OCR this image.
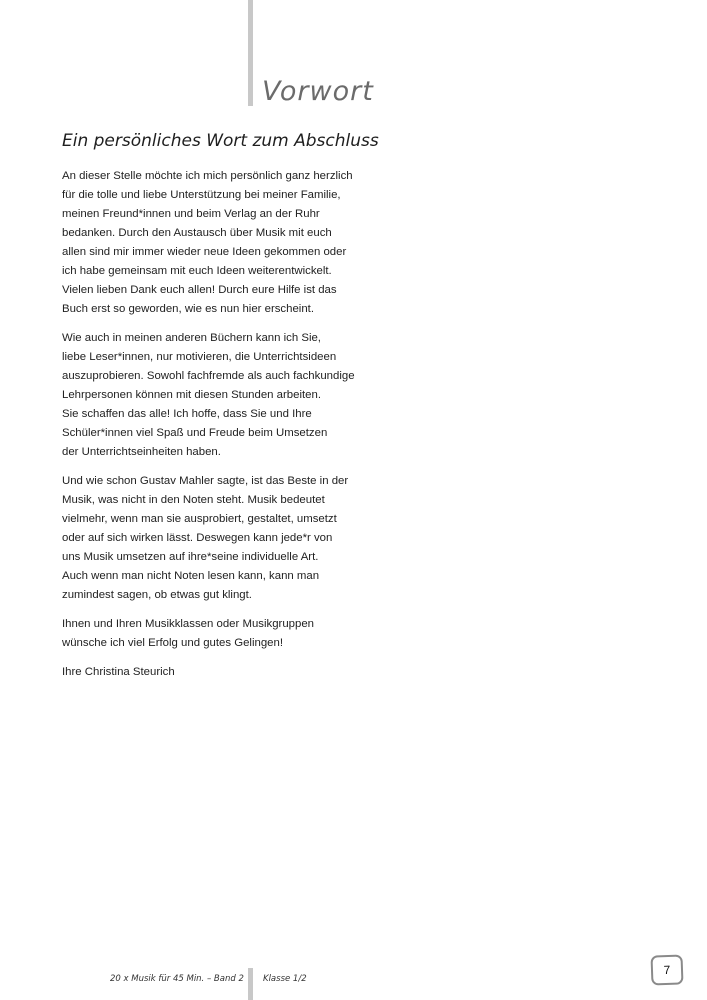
Vorwort
Ein persönliches Wort zum Abschluss

An dieser Stelle möchte ich mich persönlich ganz herzlich
für die tolle und liebe Unterstützung bei meiner Familie,
meinen Freund*innen und beim Verlag an der Ruhr
bedanken. Durch den Austausch über Musik mit euch
allen sind mir immer wieder neue Ideen gekommen oder
ich habe gemeinsam mit euch Ideen weiterentwickelt.
Vielen lieben Dank euch allen! Durch eure Hilfe ist das
Buch erst so geworden, wie es nun hier erscheint.

Wie auch in meinen anderen Büchern kann ich Sie,
liebe Leser*innen, nur motivieren, die Unterrichtsideen
auszuprobieren. Sowohl fachfremde als auch fachkundige
Lehrpersonen können mit diesen Stunden arbeiten.
Sie schaffen das alle! Ich hoffe, dass Sie und Ihre
Schüler*innen viel Spaß und Freude beim Umsetzen
der Unterrichtseinheiten haben.

Und wie schon Gustav Mahler sagte, ist das Beste in der
Musik, was nicht in den Noten steht. Musik bedeutet
vielmehr, wenn man sie ausprobiert, gestaltet, umsetzt
oder auf sich wirken lässt. Deswegen kann jede*r von
uns Musik umsetzen auf ihre*seine individuelle Art.
Auch wenn man nicht Noten lesen kann, kann man
zumindest sagen, ob etwas gut klingt.

Ihnen und Ihren Musikklassen oder Musikgruppen
wünsche ich viel Erfolg und gutes Gelingen!

Ihre Christina Steurich

20 x Musik für 45 Min. – Band 2 Klasse 1/2
7
